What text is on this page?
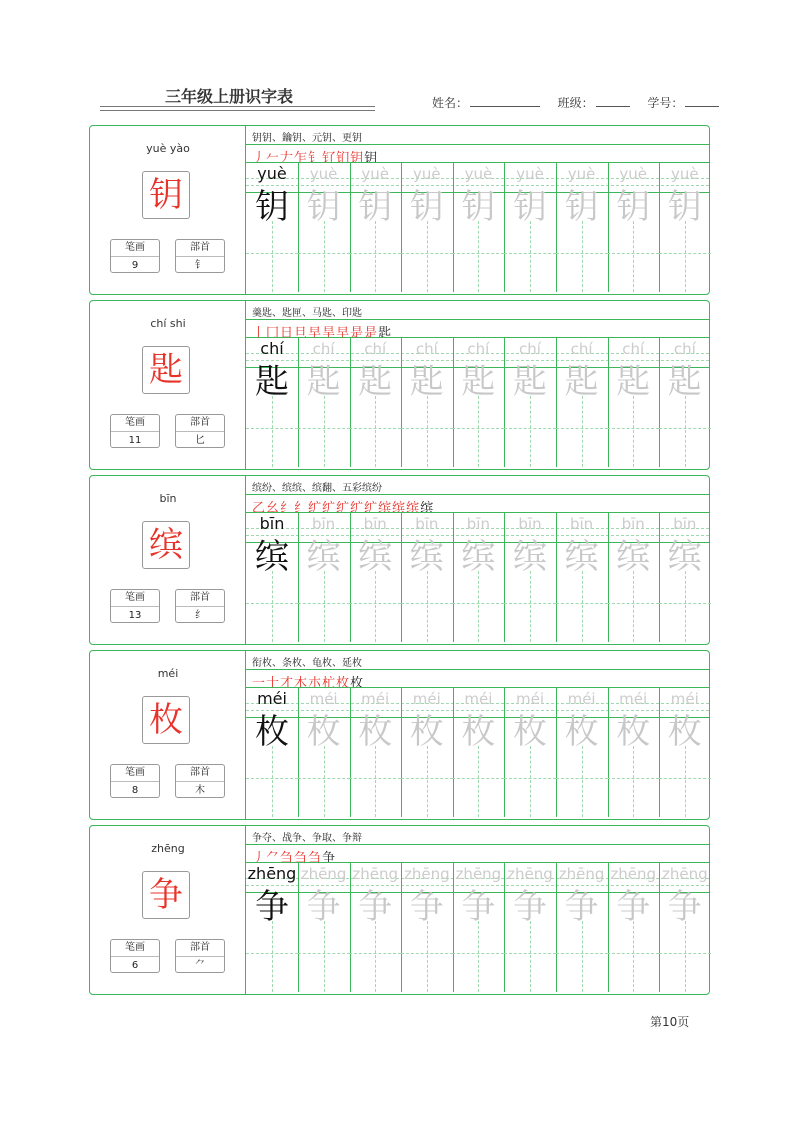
三年级上册识字表	姓名：	班级：	学号：
yuè yào
钥
笔画
9
部首
钅
钥钥、鑰钥、元钥、更钥
丿𠂉𠂇乍钅钌钔钥钥
yuè
钥
yuè
钥
yuè
钥
yuè
钥
yuè
钥
yuè
钥
yuè
钥
yuè
钥
yuè
钥
chí shi
匙
笔画
11
部首
匕
羹匙、匙匣、马匙、印匙
丨冂日旦早旱早是是匙
chí
匙
chí
匙
chí
匙
chí
匙
chí
匙
chí
匙
chí
匙
chí
匙
chí
匙
bīn
缤
笔画
13
部首
纟
缤纷、缤缤、缤翻、五彩缤纷
乙幺纟纟纩纩纩纩纩缤缤缤缤
bīn
缤
bīn
缤
bīn
缤
bīn
缤
bīn
缤
bīn
缤
bīn
缤
bīn
缤
bīn
缤
méi
枚
笔画
8
部首
木
衔枚、条枚、龟枚、延枚
一十才木朩杧枚枚
méi
枚
méi
枚
méi
枚
méi
枚
méi
枚
méi
枚
méi
枚
méi
枚
méi
枚
zhēng
争
笔画
6
部首
⺈
争夺、战争、争取、争辩
丿⺈刍刍刍争
zhēng
争
zhēng
争
zhēng
争
zhēng
争
zhēng
争
zhēng
争
zhēng
争
zhēng
争
zhēng
争
第10页
